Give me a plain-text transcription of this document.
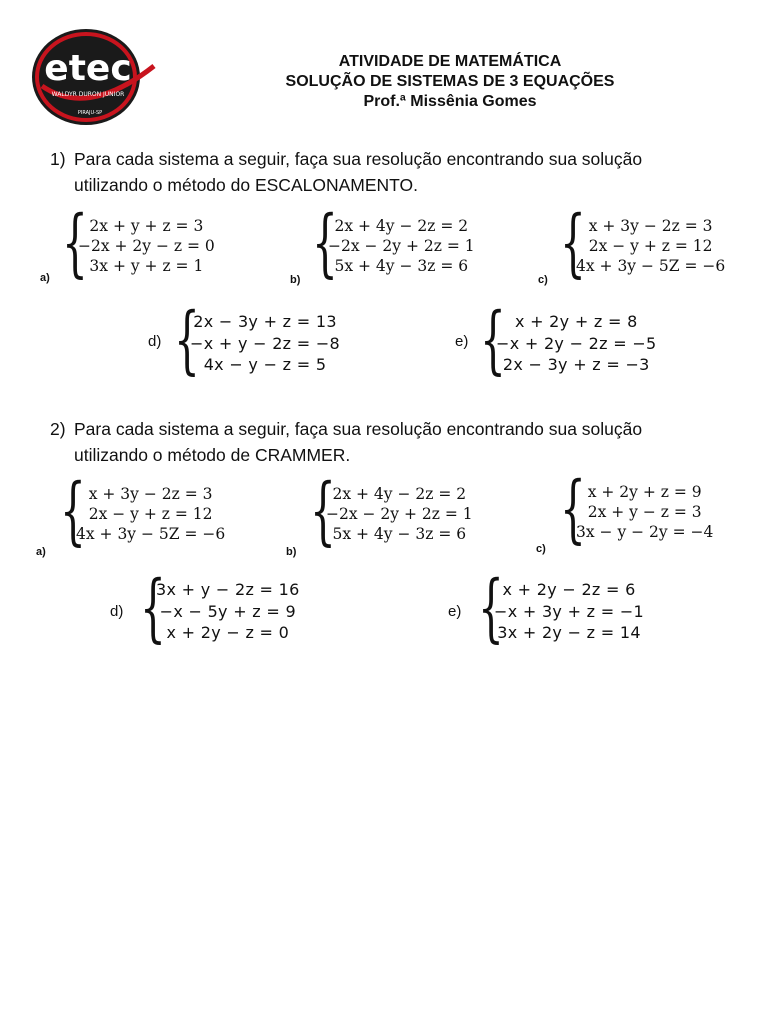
etec
WALDYR DURON JUNIOR
PIRAJU-SP
ATIVIDADE DE MATEMÁTICA
SOLUÇÃO DE SISTEMAS DE 3 EQUAÇÕES
Prof.ª Missênia Gomes
1) Para cada sistema a seguir, faça sua resolução encontrando sua solução
utilizando o método do ESCALONAMENTO.
{ 2x + y + z = 3
−2x + 2y − z = 0
3x + y + z = 1
a)	{
2x + 4y − 2z = 2
−2x − 2y + 2z = 1
5x + 4y − 3z = 6
b)	{ x + 3y − 2z = 3
2x − y + z = 12
4x + 3y − 5Z = −6
c)
d) {
2x − 3y + z = 13
−x + y − 2z = −8
4x − y − z = 5
e) { x + 2y + z = 8
−x + 2y − 2z = −5
2x − 3y + z = −3
2) Para cada sistema a seguir, faça sua resolução encontrando sua solução
utilizando o método de CRAMMER.
{ x + 3y − 2z = 3
2x − y + z = 12
4x + 3y − 5Z = −6
a)	{
2x + 4y − 2z = 2
−2x − 2y + 2z = 1
5x + 4y − 3z = 6
b)	{ x + 2y + z = 9
2x + y − z = 3
3x − y − 2y = −4
c)
d) {
3x + y − 2z = 16
−x − 5y + z = 9
x + 2y − z = 0
e) {
x + 2y − 2z = 6
−x + 3y + z = −1
3x + 2y − z = 14
